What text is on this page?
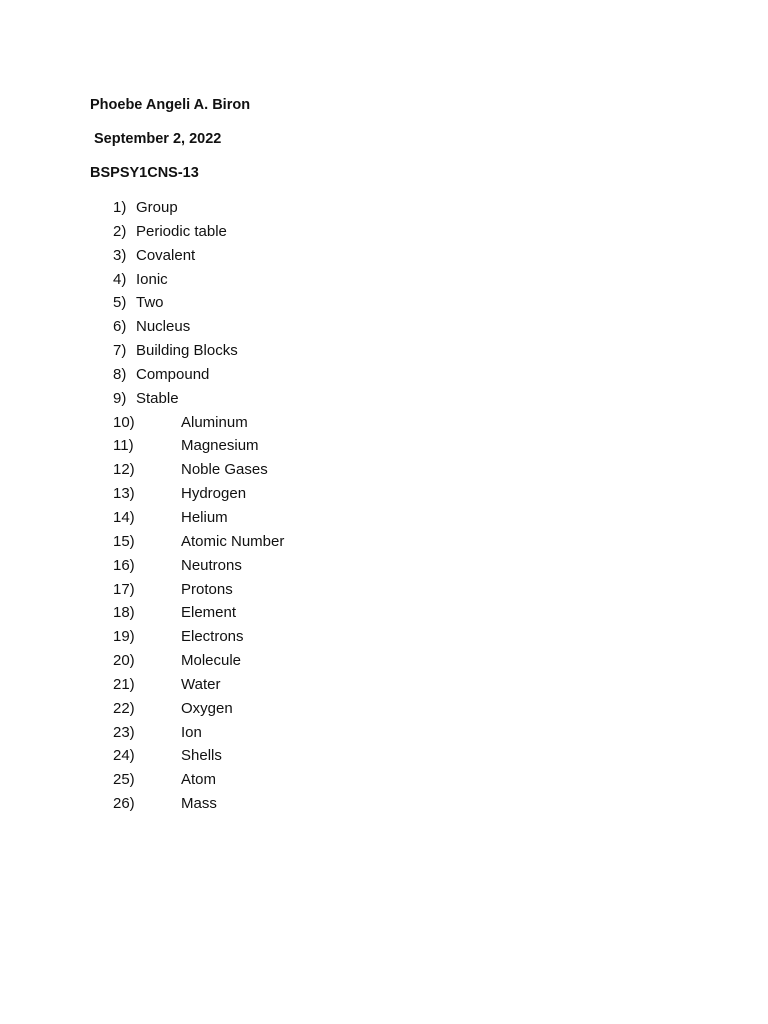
Phoebe Angeli A. Biron
September 2, 2022
BSPSY1CNS-13
1) Group
2) Periodic table
3) Covalent
4) Ionic
5) Two
6) Nucleus
7) Building Blocks
8) Compound
9) Stable
10)	Aluminum
11)	Magnesium
12)	Noble Gases
13)	Hydrogen
14)	Helium
15)	Atomic Number
16)	Neutrons
17)	Protons
18)	Element
19)	Electrons
20)	Molecule
21)	Water
22)	Oxygen
23)	Ion
24)	Shells
25)	Atom
26)	Mass
